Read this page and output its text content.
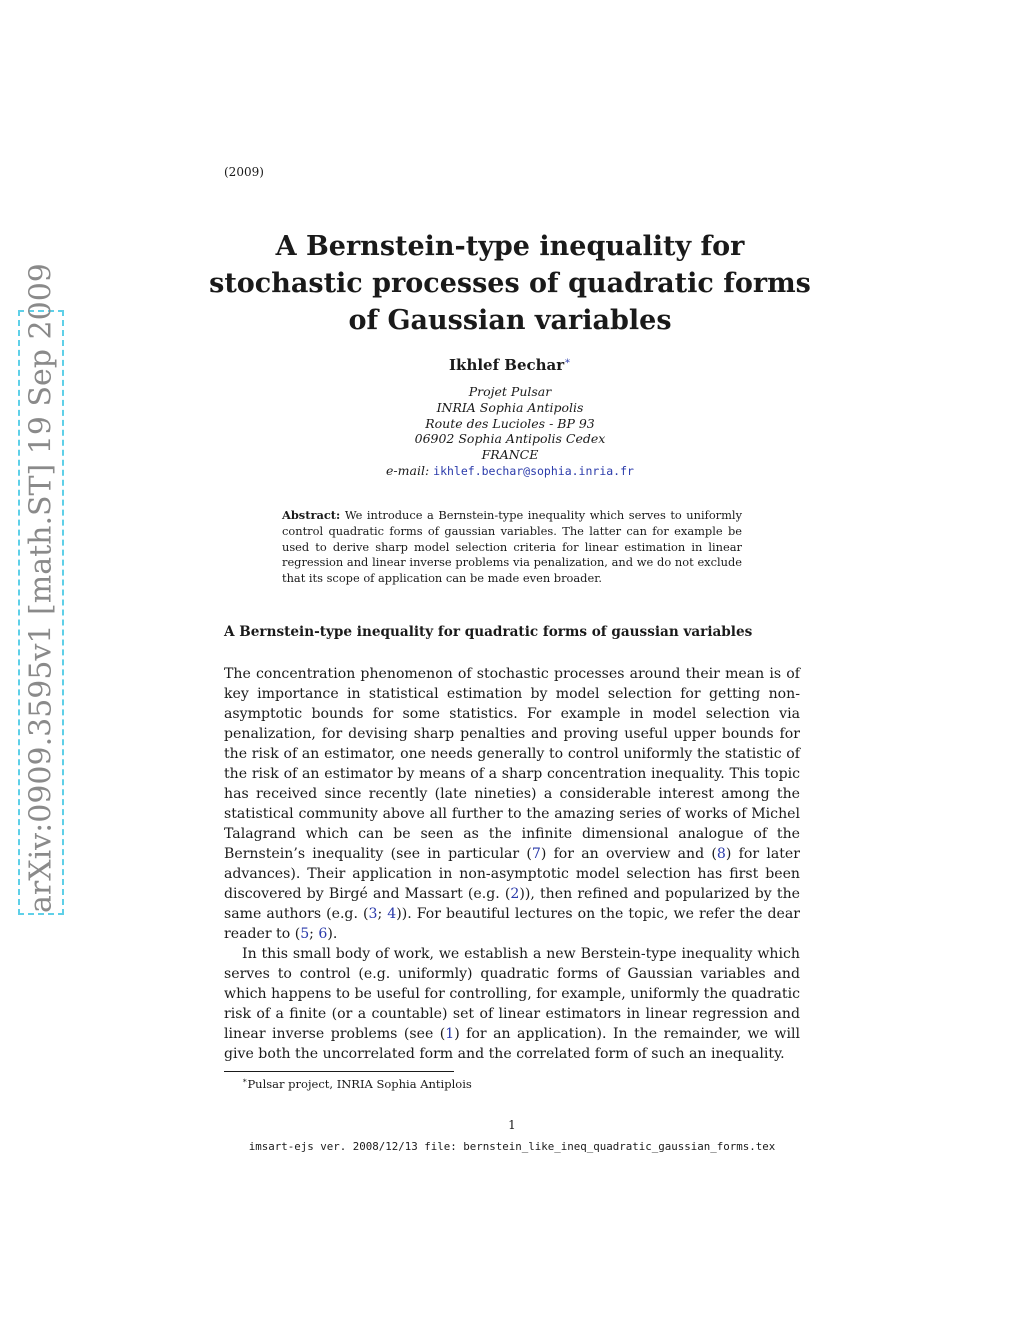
(2009)
A Bernstein-type inequality for
stochastic processes of quadratic forms
of Gaussian variables
Ikhlef Bechar∗
Projet Pulsar
INRIA Sophia Antipolis
Route des Lucioles - BP 93
06902 Sophia Antipolis Cedex
FRANCE
e-mail: ikhlef.bechar@sophia.inria.fr
Abstract: We introduce a Bernstein-type inequality which serves to uniformly control quadratic forms of gaussian variables. The latter can for example be used to derive sharp model selection criteria for linear estimation in linear regression and linear inverse problems via penalization, and we do not exclude that its scope of application can be made even broader.
A Bernstein-type inequality for quadratic forms of gaussian variables

The concentration phenomenon of stochastic processes around their mean is of key importance in statistical estimation by model selection for getting non-asymptotic bounds for some statistics. For example in model selection via penalization, for devising sharp penalties and proving useful upper bounds for the risk of an estimator, one needs generally to control uniformly the statistic of the risk of an estimator by means of a sharp concentration inequality. This topic has received since recently (late nineties) a considerable interest among the statistical community above all further to the amazing series of works of Michel Talagrand which can be seen as the infinite dimensional analogue of the Bernstein’s inequality (see in particular (7) for an overview and (8) for later advances). Their application in non-asymptotic model selection has first been discovered by Birgé and Massart (e.g. (2)), then refined and popularized by the same authors (e.g. (3; 4)). For beautiful lectures on the topic, we refer the dear reader to (5; 6).

In this small body of work, we establish a new Berstein-type inequality which serves to control (e.g. uniformly) quadratic forms of Gaussian variables and which happens to be useful for controlling, for example, uniformly the quadratic risk of a finite (or a countable) set of linear estimators in linear regression and linear inverse problems (see (1) for an application). In the remainder, we will give both the uncorrelated form and the correlated form of such an inequality.

∗Pulsar project, INRIA Sophia Antiplois
1
imsart-ejs ver. 2008/12/13 file: bernstein_like_ineq_quadratic_gaussian_forms.tex
arXiv:0909.3595v1 [math.ST] 19 Sep 2009
